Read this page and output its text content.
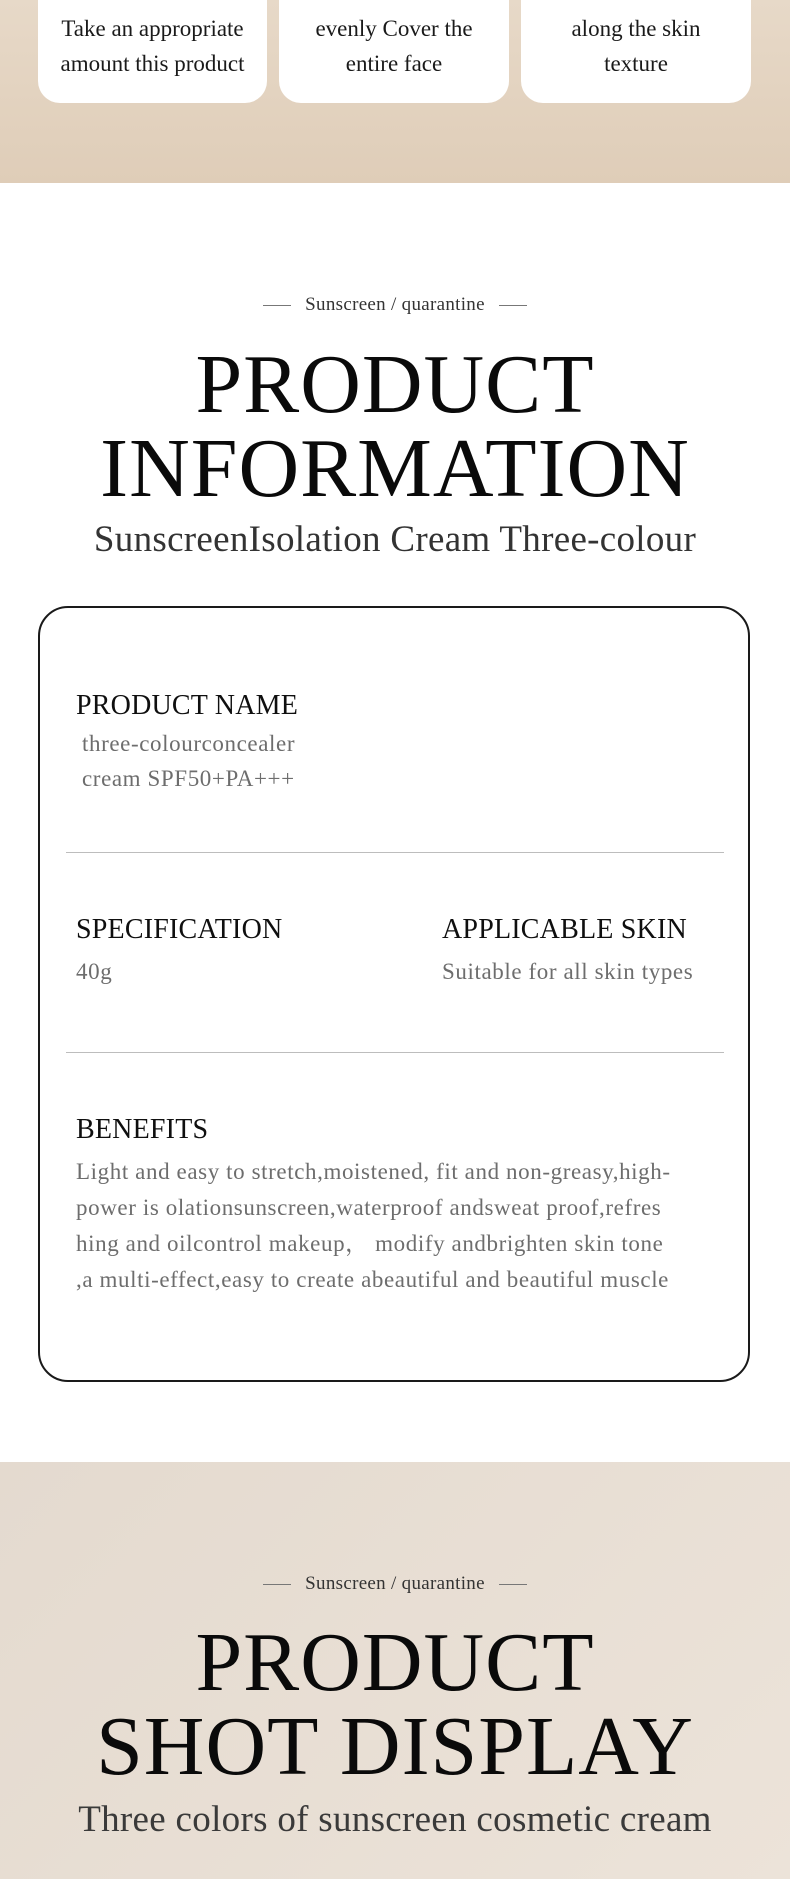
Take an appropriate
amount this product
evenly Cover the
entire face
along the skin
texture
Sunscreen / quarantine
PRODUCT
INFORMATION
SunscreenIsolation Cream Three-colour
PRODUCT NAME
three-colourconcealer
cream SPF50+PA+++
SPECIFICATION
40g
APPLICABLE SKIN
Suitable for all skin types
BENEFITS
Light and easy to stretch,moistened, fit and non-greasy,high-
power is olationsunscreen,waterproof andsweat proof,refres
hing and oilcontrol makeup， modify andbrighten skin tone
,a multi-effect,easy to create abeautiful and beautiful muscle
Sunscreen / quarantine
PRODUCT
SHOT DISPLAY
Three colors of sunscreen cosmetic cream
